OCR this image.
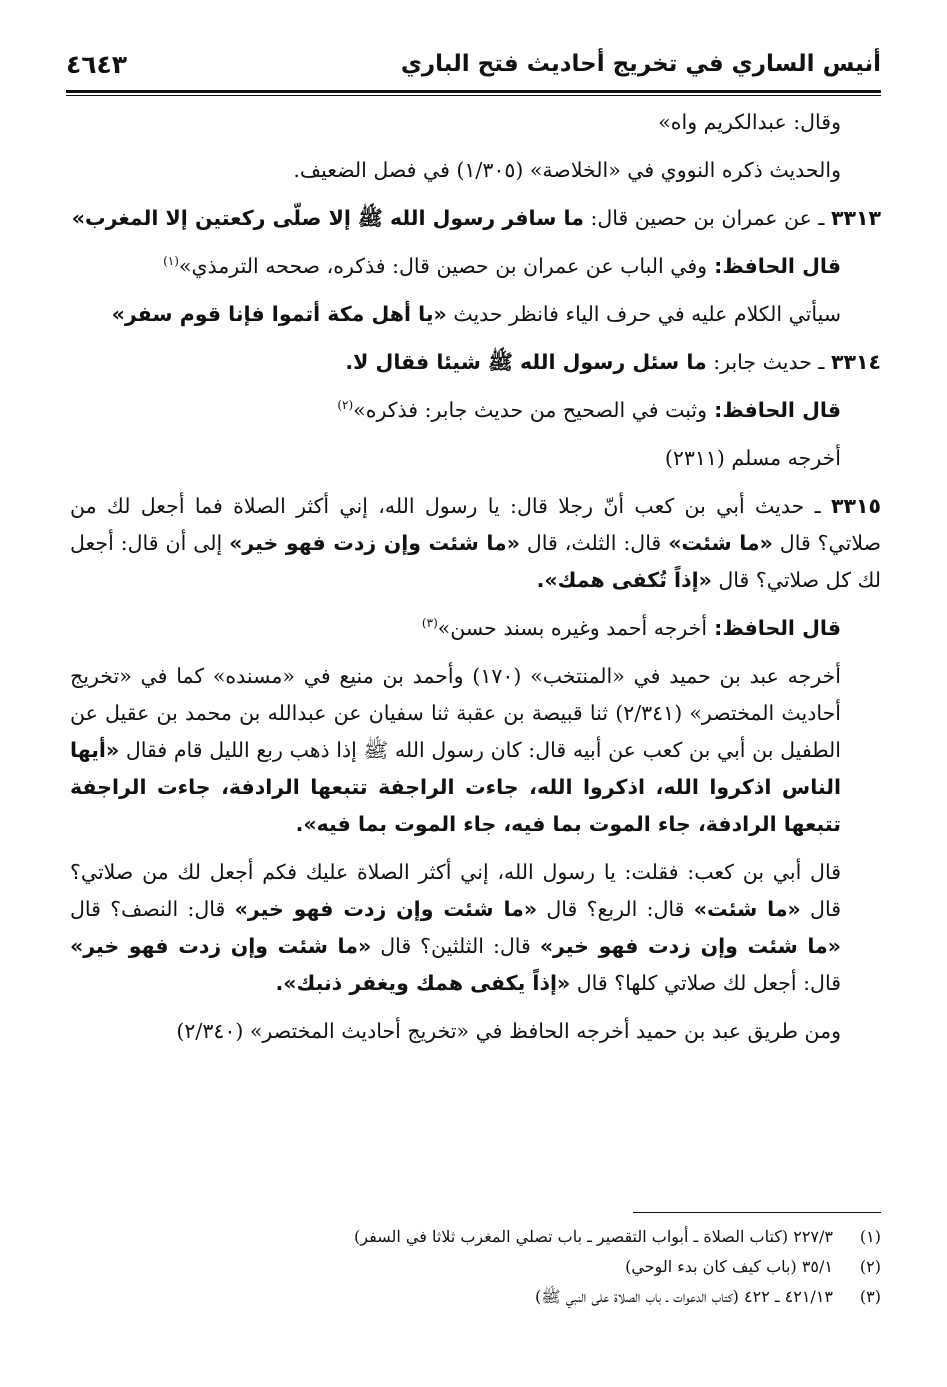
أنيس الساري في تخريج أحاديث فتح الباري
٤٦٤٣

وقال: عبدالكريم واه»

والحديث ذكره النووي في «الخلاصة» (١/٣٠٥) في فصل الضعيف.

٣٣١٣ ـ عن عمران بن حصين قال: ما سافر رسول الله ﷺ إلا صلّى ركعتين إلا المغرب»

قال الحافظ: وفي الباب عن عمران بن حصين قال: فذكره، صححه الترمذي»$^{(١)}$

سيأتي الكلام عليه في حرف الياء فانظر حديث «يا أهل مكة أتموا فإنا قوم سفر»

٣٣١٤ ـ حديث جابر: ما سئل رسول الله ﷺ شيئا فقال لا.

قال الحافظ: وثبت في الصحيح من حديث جابر: فذكره»$^{(٢)}$

أخرجه مسلم (٢٣١١)

٣٣١٥ ـ حديث أبي بن كعب أنّ رجلا قال: يا رسول الله، إني أكثر الصلاة فما أجعل لك من صلاتي؟ قال «ما شئت» قال: الثلث، قال «ما شئت وإن زدت فهو خير» إلى أن قال: أجعل لك كل صلاتي؟ قال «إذاً تُكفى همك».

قال الحافظ: أخرجه أحمد وغيره بسند حسن»$^{(٣)}$

أخرجه عبد بن حميد في «المنتخب» (١٧٠) وأحمد بن منيع في «مسنده» كما في «تخريج أحاديث المختصر» (٢/٣٤١) ثنا قبيصة بن عقبة ثنا سفيان عن عبدالله بن محمد بن عقيل عن الطفيل بن أبي بن كعب عن أبيه قال: كان رسول الله ﷺ إذا ذهب ربع الليل قام فقال «أيها الناس اذكروا الله، اذكروا الله، جاءت الراجفة تتبعها الرادفة، جاءت الراجفة تتبعها الرادفة، جاء الموت بما فيه، جاء الموت بما فيه».

قال أبي بن كعب: فقلت: يا رسول الله، إني أكثر الصلاة عليك فكم أجعل لك من صلاتي؟ قال «ما شئت» قال: الربع؟ قال «ما شئت وإن زدت فهو خير» قال: النصف؟ قال «ما شئت وإن زدت فهو خير» قال: الثلثين؟ قال «ما شئت وإن زدت فهو خير» قال: أجعل لك صلاتي كلها؟ قال «إذاً يكفى همك ويغفر ذنبك».

ومن طريق عبد بن حميد أخرجه الحافظ في «تخريج أحاديث المختصر» (٢/٣٤٠)

(١)
٢٢٧/٣ (كتاب الصلاة ـ أبواب التقصير ـ باب تصلي المغرب ثلاثا في السفر)
(٢)
٣٥/١ (باب كيف كان بدء الوحي)
(٣)
٤٢١/١٣ ـ ٤٢٢ (كتاب الدعوات ـ باب الصلاة على النبي ﷺ)
